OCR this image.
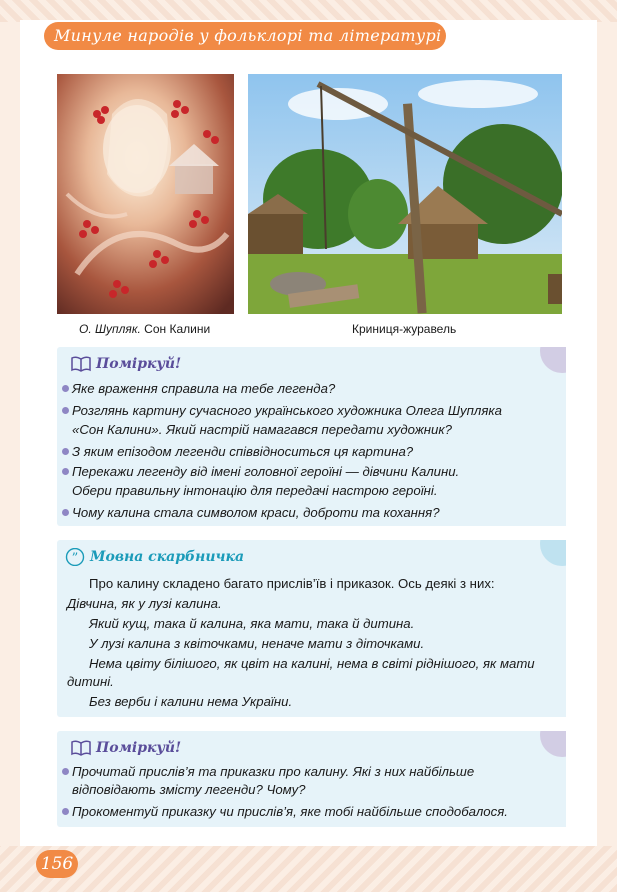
Минуле народів у фольклорі та літературі
О. Шупляк. Сон Калини	Криниця-журавель
Поміркуй!
Яке враження справила на тебе легенда?
Розглянь картину сучасного українського художника Олега Шупляка
«Сон Калини». Який настрій намагався передати художник?
З яким епізодом легенди співвідноситься ця картина?
Перекажи легенду від імені головної героїні — дівчини Калини.
Обери правильну інтонацію для передачі настрою героїні.
Чому калина стала символом краси, доброти та кохання?
” Мовна скарбничка
Про калину складено багато прислів’їв і приказок. Ось деякі з них:
Дівчина, як у лузі калина.
Який кущ, така й калина, яка мати, така й дитина.
У лузі калина з квіточками, неначе мати з діточками.
Нема цвіту білішого, як цвіт на калині, нема в світі ріднішого, як мати
дитині.
Без верби і калини нема України.
Поміркуй!
Прочитай прислів’я та приказки про калину. Які з них найбільше
відповідають змісту легенди? Чому?
Прокоментуй приказку чи прислів’я, яке тобі найбільше сподобалося.
156
